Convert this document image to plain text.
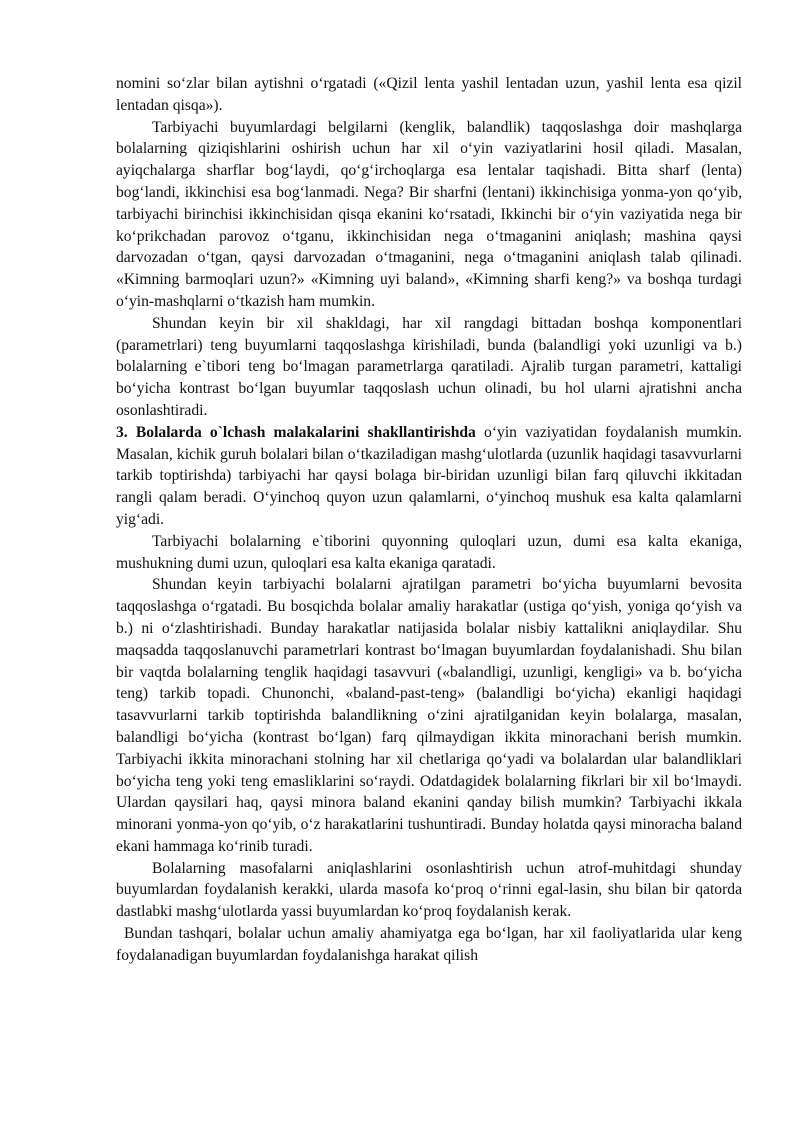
nomini so‘zlar bilan aytishni o‘rgatadi («Qizil lenta yashil lentadan uzun, yashil lenta esa qizil lentadan qisqa»).

Tarbiyachi buyumlardagi belgilarni (kenglik, balandlik) taqqoslashga doir mashqlarga bolalarning qiziqishlarini oshirish uchun har xil o‘yin vaziyatlarini hosil qiladi. Masalan, ayiqchalarga sharflar bog‘laydi, qo‘g‘irchoqlarga esa lentalar taqishadi. Bitta sharf (lenta) bog‘landi, ikkinchisi esa bog‘lanmadi. Nega? Bir sharfni (lentani) ikkinchisiga yonma-yon qo‘yib, tarbiyachi birinchisi ikkinchisidan qisqa ekanini ko‘rsatadi, Ikkinchi bir o‘yin vaziyatida nega bir ko‘prikchadan parovoz o‘tganu, ikkinchisidan nega o‘tmaganini aniqlash; mashina qaysi darvozadan o‘tgan, qaysi darvozadan o‘tmaganini, nega o‘tmaganini aniqlash talab qilinadi. «Kimning barmoqlari uzun?» «Kimning uyi baland», «Kimning sharfi keng?» va boshqa turdagi o‘yin-mashqlarni o‘tkazish ham mumkin.

Shundan keyin bir xil shakldagi, har xil rangdagi bittadan boshqa komponentlari (parametrlari) teng buyumlarni taqqoslashga kirishiladi, bunda (balandligi yoki uzunligi va b.) bolalarning e`tibori teng bo‘lmagan parametrlarga qaratiladi. Ajralib turgan parametri, kattaligi bo‘yicha kontrast bo‘lgan buyumlar taqqoslash uchun olinadi, bu hol ularni ajratishni ancha osonlashtiradi.

3. Bolalarda o`lchash malakalarini shakllantirishda o‘yin vaziyatidan foydalanish mumkin. Masalan, kichik guruh bolalari bilan o‘tkaziladigan mashg‘ulotlarda (uzunlik haqidagi tasavvurlarni tarkib toptirishda) tarbiyachi har qaysi bolaga bir-biridan uzunligi bilan farq qiluvchi ikkitadan rangli qalam beradi. O‘yinchoq quyon uzun qalamlarni, o‘yinchoq mushuk esa kalta qalamlarni yig‘adi.

Tarbiyachi bolalarning e`tiborini quyonning quloqlari uzun, dumi esa kalta ekaniga, mushukning dumi uzun, quloqlari esa kalta ekaniga qaratadi.

Shundan keyin tarbiyachi bolalarni ajratilgan parametri bo‘yicha buyumlarni bevosita taqqoslashga o‘rgatadi. Bu bosqichda bolalar amaliy harakatlar (ustiga qo‘yish, yoniga qo‘yish va b.) ni o‘zlashtirishadi. Bunday harakatlar natijasida bolalar nisbiy kattalikni aniqlaydilar. Shu maqsadda taqqoslanuvchi parametrlari kontrast bo‘lmagan buyumlardan foydalanishadi. Shu bilan bir vaqtda bolalarning tenglik haqidagi tasavvuri («balandligi, uzunligi, kengligi» va b. bo‘yicha teng) tarkib topadi. Chunonchi, «baland-past-teng» (balandligi bo‘yicha) ekanligi haqidagi tasavvurlarni tarkib toptirishda balandlikning o‘zini ajratilganidan keyin bolalarga, masalan, balandligi bo‘yicha (kontrast bo‘lgan) farq qilmaydigan ikkita minorachani berish mumkin. Tarbiyachi ikkita minorachani stolning har xil chetlariga qo‘yadi va bolalardan ular balandliklari bo‘yicha teng yoki teng emasliklarini so‘raydi. Odatdagidek bolalarning fikrlari bir xil bo‘lmaydi. Ulardan qaysilari haq, qaysi minora baland ekanini qanday bilish mumkin? Tarbiyachi ikkala minorani yonma-yon qo‘yib, o‘z harakatlarini tushuntiradi. Bunday holatda qaysi minoracha baland ekani hammaga ko‘rinib turadi.

Bolalarning masofalarni aniqlashlarini osonlashtirish uchun atrof-muhitdagi shunday buyumlardan foydalanish kerakki, ularda masofa ko‘proq o‘rinni egal-lasin, shu bilan bir qatorda dastlabki mashg‘ulotlarda yassi buyumlardan ko‘proq foydalanish kerak.

Bundan tashqari, bolalar uchun amaliy ahamiyatga ega bo‘lgan, har xil faoliyatlarida ular keng foydalanadigan buyumlardan foydalanishga harakat qilish
